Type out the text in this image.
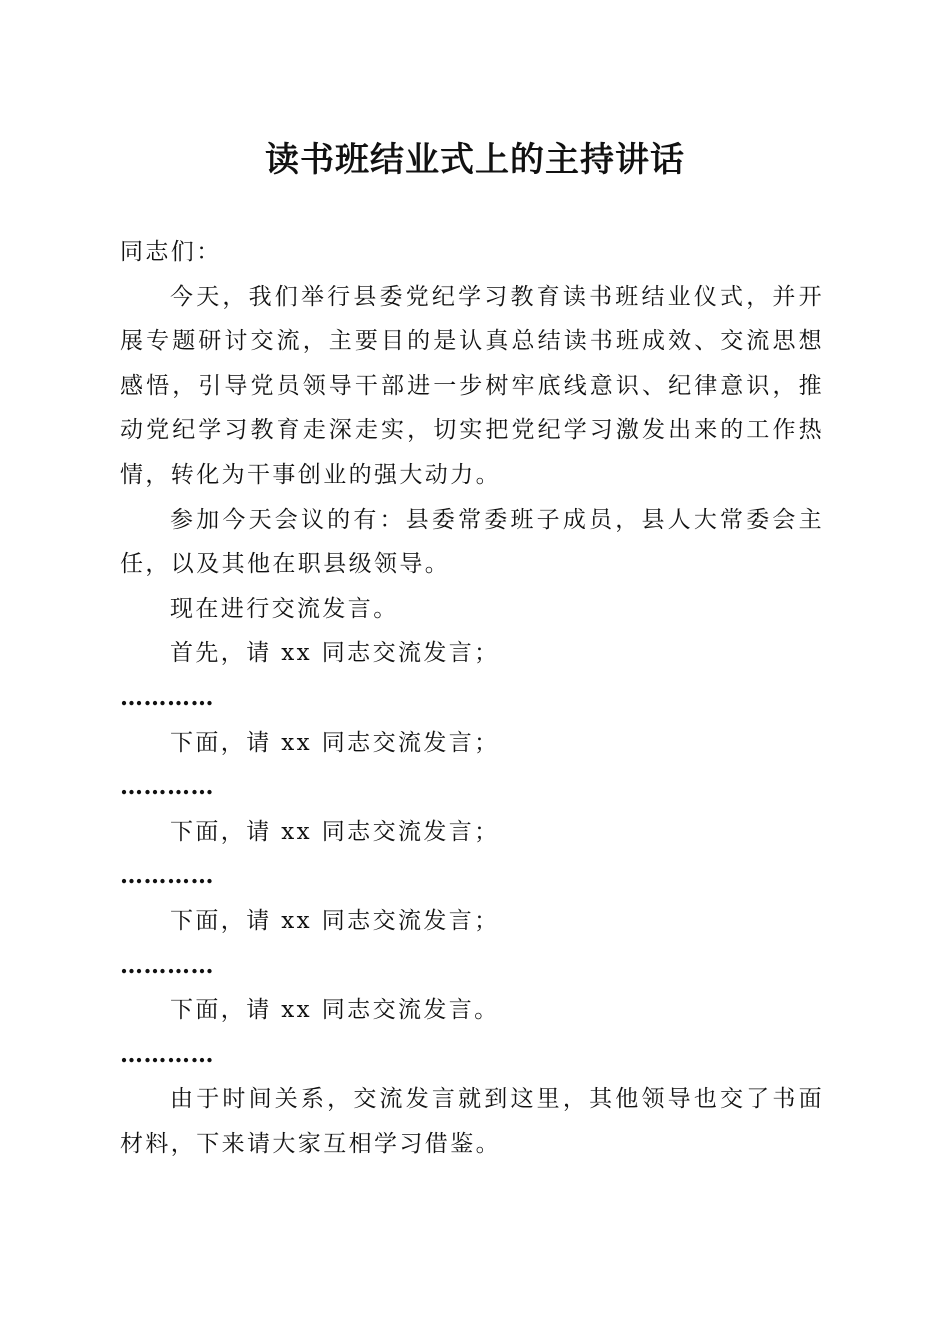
读书班结业式上的主持讲话

同志们：

今天，我们举行县委党纪学习教育读书班结业仪式，并开展专题研讨交流，主要目的是认真总结读书班成效、交流思想感悟，引导党员领导干部进一步树牢底线意识、纪律意识，推动党纪学习教育走深走实，切实把党纪学习激发出来的工作热情，转化为干事创业的强大动力。

参加今天会议的有：县委常委班子成员，县人大常委会主任，以及其他在职县级领导。

现在进行交流发言。

首先，请 xx 同志交流发言；

…………

下面，请 xx 同志交流发言；

…………

下面，请 xx 同志交流发言；

…………

下面，请 xx 同志交流发言；

…………

下面，请 xx 同志交流发言。

…………

由于时间关系，交流发言就到这里，其他领导也交了书面材料，下来请大家互相学习借鉴。
